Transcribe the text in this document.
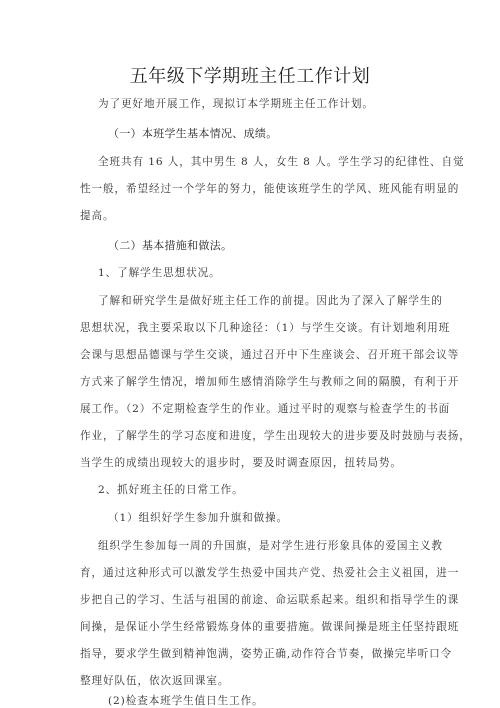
五年级下学期班主任工作计划
为了更好地开展工作，现拟订本学期班主任工作计划。
（一）本班学生基本情况、成绩。
全班共有 16 人，其中男生 8 人，女生 8 人。学生学习的纪律性、自觉
性一般，希望经过一个学年的努力，能使该班学生的学风、班风能有明显的
提高。
（二）基本措施和做法。
1、了解学生思想状况。
了解和研究学生是做好班主任工作的前提。因此为了深入了解学生的
思想状况，我主要采取以下几种途径：（1）与学生交谈。有计划地利用班
会课与思想品德课与学生交谈，通过召开中下生座谈会、召开班干部会议等
方式来了解学生情况，增加师生感情消除学生与教师之间的隔膜，有利于开
展工作。（2）不定期检查学生的作业。通过平时的观察与检查学生的书面
作业，了解学生的学习态度和进度，学生出现较大的进步要及时鼓励与表扬，
当学生的成绩出现较大的退步时，要及时调查原因，扭转局势。
2、抓好班主任的日常工作。
（1）组织好学生参加升旗和做操。
组织学生参加每一周的升国旗，是对学生进行形象具体的爱国主义教
育，通过这种形式可以激发学生热爱中国共产党、热爱社会主义祖国，进一
步把自己的学习、生活与祖国的前途、命运联系起来。组织和指导学生的课
间操，是保证小学生经常锻炼身体的重要措施。做课间操是班主任坚持跟班
指导，要求学生做到精神饱满，姿势正确,动作符合节奏，做操完毕听口令
整理好队伍，依次返回课室。
(2)检查本班学生值日生工作。
